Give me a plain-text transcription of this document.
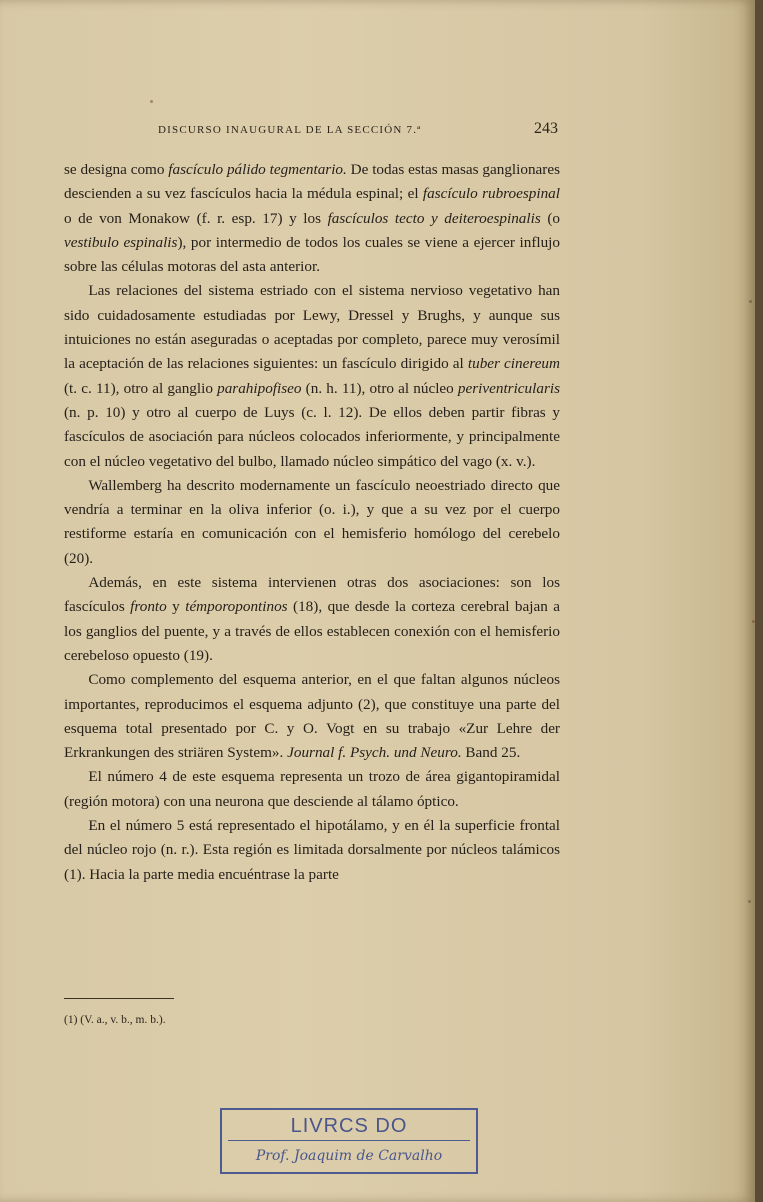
DISCURSO INAUGURAL DE LA SECCIÓN 7.ª	243

se designa como fascículo pálido tegmentario. De todas estas masas ganglionares descienden a su vez fascículos hacia la médula espinal; el fascículo rubroespinal o de von Monakow (f. r. esp. 17) y los fascículos tecto y deiteroespinalis (o vestibulo espinalis), por intermedio de todos los cuales se viene a ejercer influjo sobre las células motoras del asta anterior.

Las relaciones del sistema estriado con el sistema nervioso vegetativo han sido cuidadosamente estudiadas por Lewy, Dressel y Brughs, y aunque sus intuiciones no están aseguradas o aceptadas por completo, parece muy verosímil la aceptación de las relaciones siguientes: un fascículo dirigido al tuber cinereum (t. c. 11), otro al ganglio parahipofiseo (n. h. 11), otro al núcleo periventricularis (n. p. 10) y otro al cuerpo de Luys (c. l. 12). De ellos deben partir fibras y fascículos de asociación para núcleos colocados inferiormente, y principalmente con el núcleo vegetativo del bulbo, llamado núcleo simpático del vago (x. v.).

Wallemberg ha descrito modernamente un fascículo neoestriado directo que vendría a terminar en la oliva inferior (o. i.), y que a su vez por el cuerpo restiforme estaría en comunicación con el hemisferio homólogo del cerebelo (20).

Además, en este sistema intervienen otras dos asociaciones: son los fascículos fronto y témporopontinos (18), que desde la corteza cerebral bajan a los ganglios del puente, y a través de ellos establecen conexión con el hemisferio cerebeloso opuesto (19).

Como complemento del esquema anterior, en el que faltan algunos núcleos importantes, reproducimos el esquema adjunto (2), que constituye una parte del esquema total presentado por C. y O. Vogt en su trabajo «Zur Lehre der Erkrankungen des striären System». Journal f. Psych. und Neuro. Band 25.

El número 4 de este esquema representa un trozo de área gigantopiramidal (región motora) con una neurona que desciende al tálamo óptico.

En el número 5 está representado el hipotálamo, y en él la superficie frontal del núcleo rojo (n. r.). Esta región es limitada dorsalmente por núcleos talámicos (1). Hacia la parte media encuéntrase la parte

(1) (V. a., v. b., m. b.).
LIVRCS DO
Prof. Joaquim de Carvalho
